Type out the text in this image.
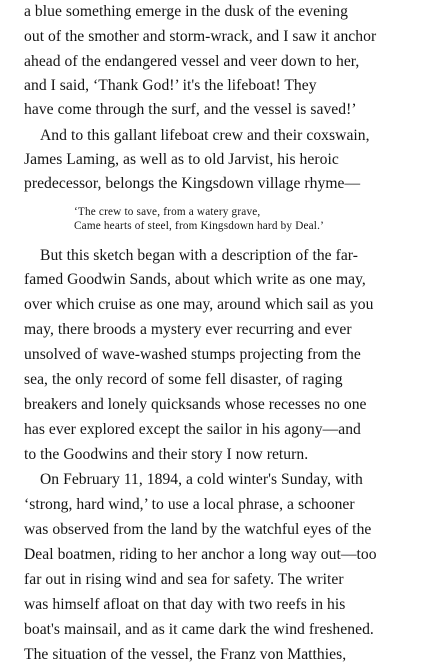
a blue something emerge in the dusk of the evening
out of the smother and storm-wrack, and I saw it anchor
ahead of the endangered vessel and veer down to her,
and I said, ‘Thank God!’ it's the lifeboat! They
have come through the surf, and the vessel is saved!’
And to this gallant lifeboat crew and their coxswain,
James Laming, as well as to old Jarvist, his heroic
predecessor, belongs the Kingsdown village rhyme—
‘The crew to save, from a watery grave,
Came hearts of steel, from Kingsdown hard by Deal.’
But this sketch began with a description of the far-
famed Goodwin Sands, about which write as one may,
over which cruise as one may, around which sail as you
may, there broods a mystery ever recurring and ever
unsolved of wave-washed stumps projecting from the
sea, the only record of some fell disaster, of raging
breakers and lonely quicksands whose recesses no one
has ever explored except the sailor in his agony—and
to the Goodwins and their story I now return.
On February 11, 1894, a cold winter's Sunday, with
‘strong, hard wind,’ to use a local phrase, a schooner
was observed from the land by the watchful eyes of the
Deal boatmen, riding to her anchor a long way out—too
far out in rising wind and sea for safety. The writer
was himself afloat on that day with two reefs in his
boat's mainsail, and as it came dark the wind freshened.
The situation of the vessel, the Franz von Matthies,
